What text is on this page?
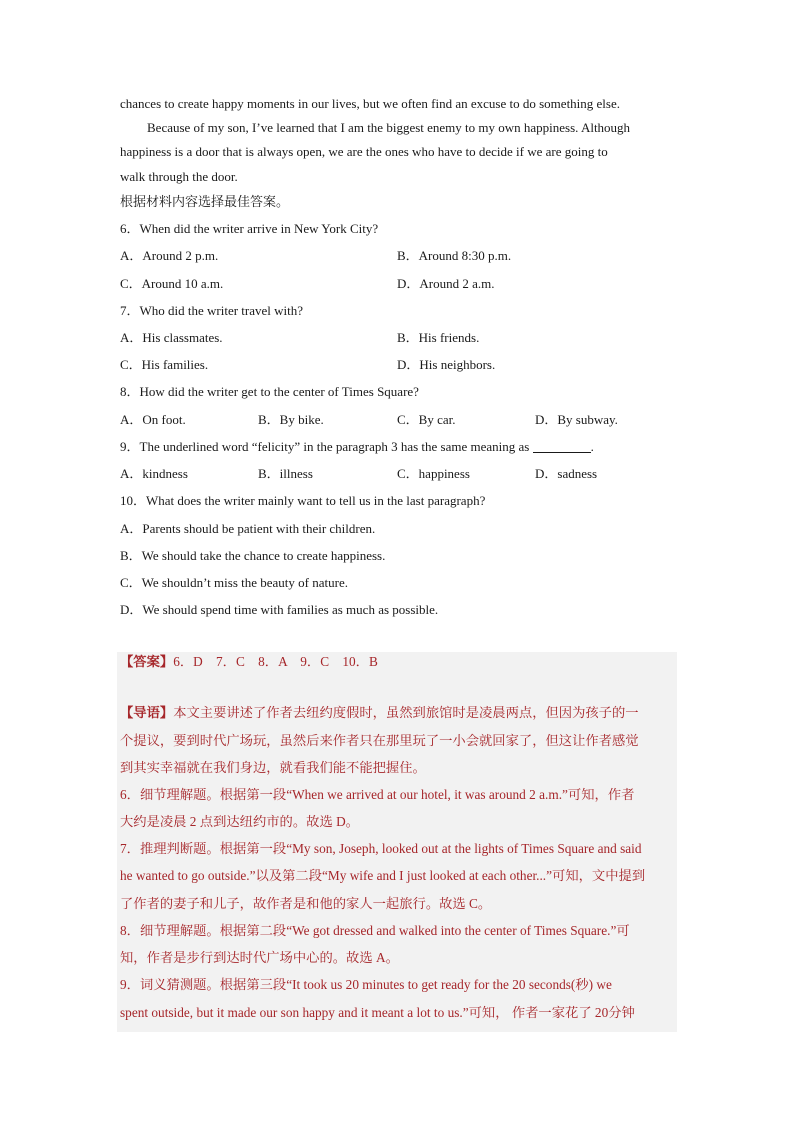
chances to create happy moments in our lives, but we often find an excuse to do something else.
Because of my son, I’ve learned that I am the biggest enemy to my own happiness. Although
happiness is a door that is always open, we are the ones who have to decide if we are going to
walk through the door.
根据材料内容选择最佳答案。
6．When did the writer arrive in New York City?
A．Around 2 p.m.	B．Around 8:30 p.m.
C．Around 10 a.m.	D．Around 2 a.m.
7．Who did the writer travel with?
A．His classmates.	B．His friends.
C．His families.	D．His neighbors.
8．How did the writer get to the center of Times Square?
A．On foot.	B．By bike.	C．By car.	D．By subway.
9．The underlined word “felicity” in the paragraph 3 has the same meaning as	.
A．kindness	B．illness	C．happiness	D．sadness
10．What does the writer mainly want to tell us in the last paragraph?
A．Parents should be patient with their children.
B．We should take the chance to create happiness.
C．We shouldn’t miss the beauty of nature.
D．We should spend time with families as much as possible.
【答案】6．D　7．C　8．A　9．C　10．B
【导语】本文主要讲述了作者去纽约度假时，虽然到旅馆时是凌晨两点，但因为孩子的一
个提议，要到时代广场玩，虽然后来作者只在那里玩了一小会就回家了，但这让作者感觉
到其实幸福就在我们身边，就看我们能不能把握住。
6．细节理解题。根据第一段“When we arrived at our hotel, it was around 2 a.m.”可知，作者
大约是凌晨 2 点到达纽约市的。故选 D。
7．推理判断题。根据第一段“My son, Joseph, looked out at the lights of Times Square and said
he wanted to go outside.”以及第二段“My wife and I just looked at each other...”可知，文中提到
了作者的妻子和儿子，故作者是和他的家人一起旅行。故选 C。
8．细节理解题。根据第二段“We got dressed and walked into the center of Times Square.”可
知，作者是步行到达时代广场中心的。故选 A。
9．词义猜测题。根据第三段“It took us 20 minutes to get ready for the 20 seconds(秒) we
spent outside, but it made our son happy and it meant a lot to us.”可知， 作者一家花了 20分钟
